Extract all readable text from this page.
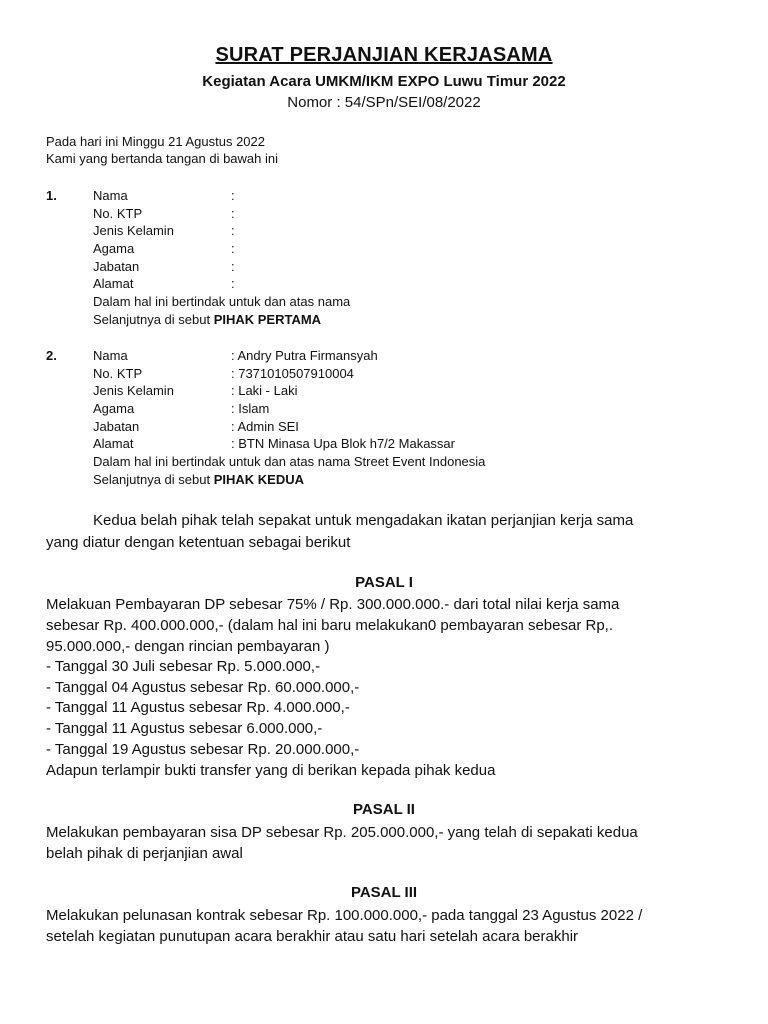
SURAT PERJANJIAN KERJASAMA
Kegiatan Acara UMKM/IKM EXPO Luwu Timur 2022
Nomor : 54/SPn/SEI/08/2022
Pada hari ini Minggu 21 Agustus 2022
Kami yang bertanda tangan di bawah ini
1.	Nama	:
No. KTP	:
Jenis Kelamin	:
Agama	:
Jabatan	:
Alamat	:
Dalam hal ini bertindak untuk dan atas nama
Selanjutnya di sebut PIHAK PERTAMA
2.	Nama	: Andry Putra Firmansyah
No. KTP	: 7371010507910004
Jenis Kelamin	: Laki - Laki
Agama	: Islam
Jabatan	: Admin SEI
Alamat	: BTN Minasa Upa Blok h7/2 Makassar
Dalam hal ini bertindak untuk dan atas nama Street Event Indonesia
Selanjutnya di sebut PIHAK KEDUA
Kedua belah pihak telah sepakat untuk mengadakan ikatan perjanjian kerja sama
yang diatur dengan ketentuan sebagai berikut
PASAL I
Melakuan Pembayaran DP sebesar 75% / Rp. 300.000.000.- dari total nilai kerja sama
sebesar Rp. 400.000.000,- (dalam hal ini baru melakukan0 pembayaran sebesar Rp,.
95.000.000,- dengan rincian pembayaran )
- Tanggal 30 Juli sebesar Rp. 5.000.000,-
- Tanggal 04 Agustus sebesar Rp. 60.000.000,-
- Tanggal 11 Agustus sebesar Rp. 4.000.000,-
- Tanggal 11 Agustus sebesar 6.000.000,-
- Tanggal 19 Agustus sebesar Rp. 20.000.000,-
Adapun terlampir bukti transfer yang di berikan kepada pihak kedua
PASAL II
Melakukan pembayaran sisa DP sebesar Rp. 205.000.000,- yang telah di sepakati kedua
belah pihak di perjanjian awal
PASAL III
Melakukan pelunasan kontrak sebesar Rp. 100.000.000,- pada tanggal 23 Agustus 2022 /
setelah kegiatan punutupan acara berakhir atau satu hari setelah acara berakhir
